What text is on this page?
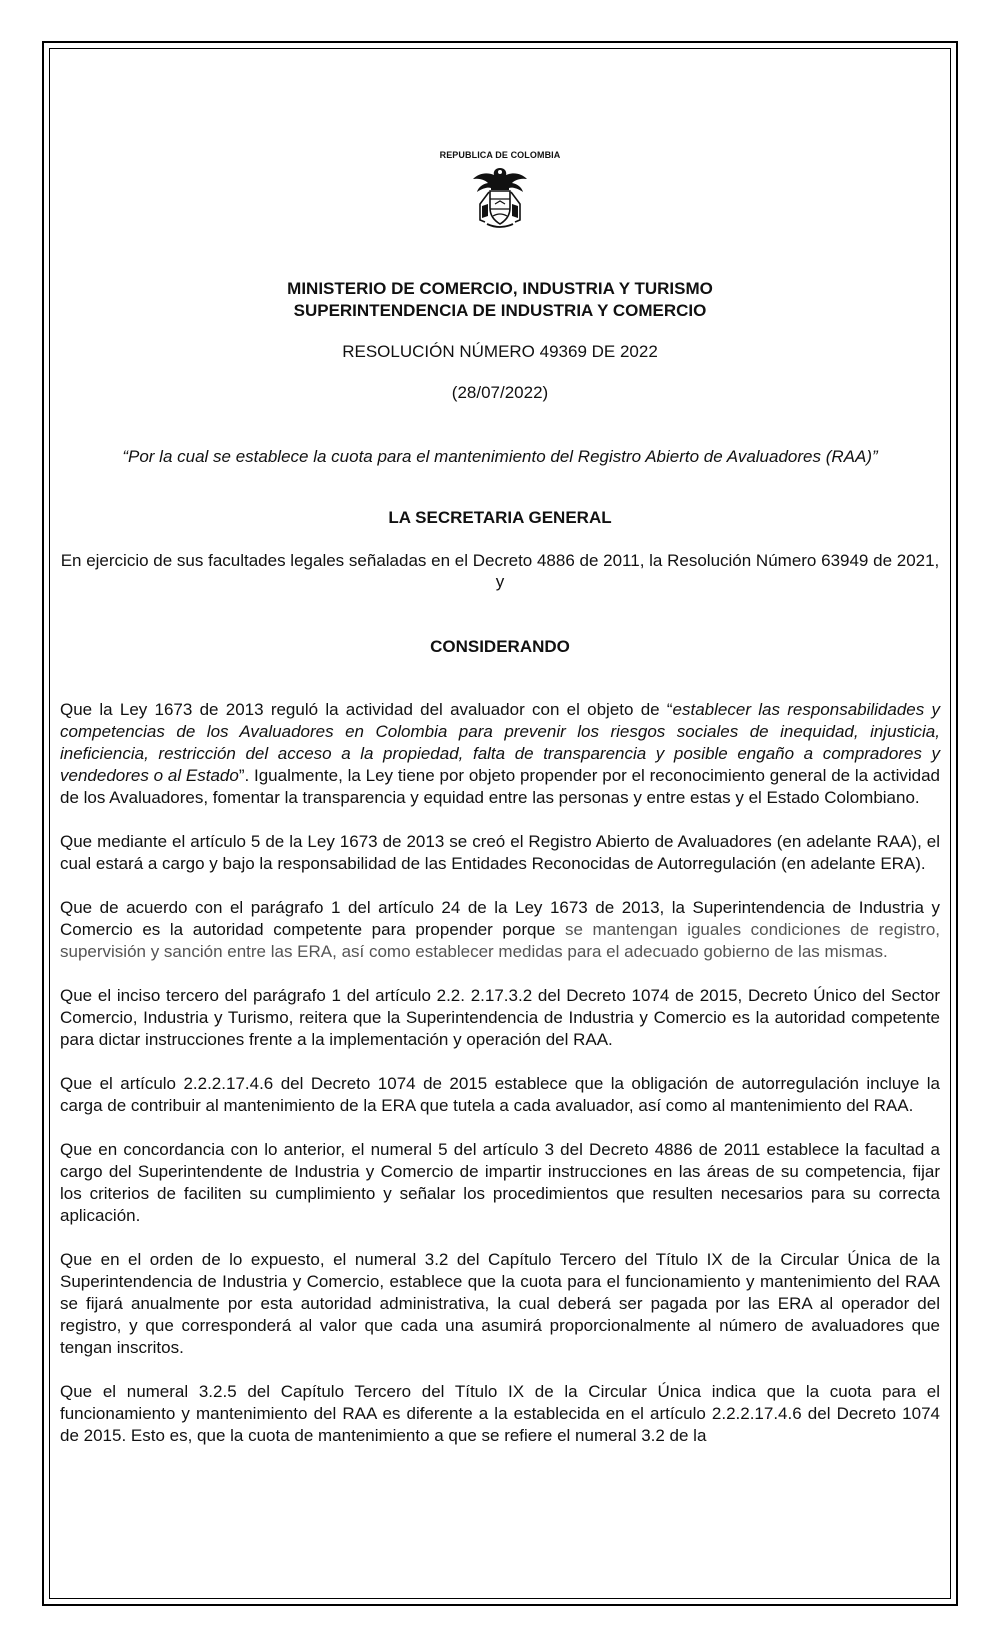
REPUBLICA DE COLOMBIA

MINISTERIO DE COMERCIO, INDUSTRIA Y TURISMO
SUPERINTENDENCIA DE INDUSTRIA Y COMERCIO

RESOLUCIÓN NÚMERO 49369 DE 2022

(28/07/2022)

“Por la cual se establece la cuota para el mantenimiento del Registro Abierto de Avaluadores (RAA)”

LA SECRETARIA GENERAL

En ejercicio de sus facultades legales señaladas en el Decreto 4886 de 2011, la Resolución Número 63949 de 2021, y

CONSIDERANDO

Que la Ley 1673 de 2013 reguló la actividad del avaluador con el objeto de “establecer las responsabilidades y competencias de los Avaluadores en Colombia para prevenir los riesgos sociales de inequidad, injusticia, ineficiencia, restricción del acceso a la propiedad, falta de transparencia y posible engaño a compradores y vendedores o al Estado”. Igualmente, la Ley tiene por objeto propender por el reconocimiento general de la actividad de los Avaluadores, fomentar la transparencia y equidad entre las personas y entre estas y el Estado Colombiano.

Que mediante el artículo 5 de la Ley 1673 de 2013 se creó el Registro Abierto de Avaluadores (en adelante RAA), el cual estará a cargo y bajo la responsabilidad de las Entidades Reconocidas de Autorregulación (en adelante ERA).

Que de acuerdo con el parágrafo 1 del artículo 24 de la Ley 1673 de 2013, la Superintendencia de Industria y Comercio es la autoridad competente para propender porque se mantengan iguales condiciones de registro, supervisión y sanción entre las ERA, así como establecer medidas para el adecuado gobierno de las mismas.

Que el inciso tercero del parágrafo 1 del artículo 2.2. 2.17.3.2 del Decreto 1074 de 2015, Decreto Único del Sector Comercio, Industria y Turismo, reitera que la Superintendencia de Industria y Comercio es la autoridad competente para dictar instrucciones frente a la implementación y operación del RAA.

Que el artículo 2.2.2.17.4.6 del Decreto 1074 de 2015 establece que la obligación de autorregulación incluye la carga de contribuir al mantenimiento de la ERA que tutela a cada avaluador, así como al mantenimiento del RAA.

Que en concordancia con lo anterior, el numeral 5 del artículo 3 del Decreto 4886 de 2011 establece la facultad a cargo del Superintendente de Industria y Comercio de impartir instrucciones en las áreas de su competencia, fijar los criterios de faciliten su cumplimiento y señalar los procedimientos que resulten necesarios para su correcta aplicación.

Que en el orden de lo expuesto, el numeral 3.2 del Capítulo Tercero del Título IX de la Circular Única de la Superintendencia de Industria y Comercio, establece que la cuota para el funcionamiento y mantenimiento del RAA se fijará anualmente por esta autoridad administrativa, la cual deberá ser pagada por las ERA al operador del registro, y que corresponderá al valor que cada una asumirá proporcionalmente al número de avaluadores que tengan inscritos.

Que el numeral 3.2.5 del Capítulo Tercero del Título IX de la Circular Única indica que la cuota para el funcionamiento y mantenimiento del RAA es diferente a la establecida en el artículo 2.2.2.17.4.6 del Decreto 1074 de 2015. Esto es, que la cuota de mantenimiento a que se refiere el numeral 3.2 de la
